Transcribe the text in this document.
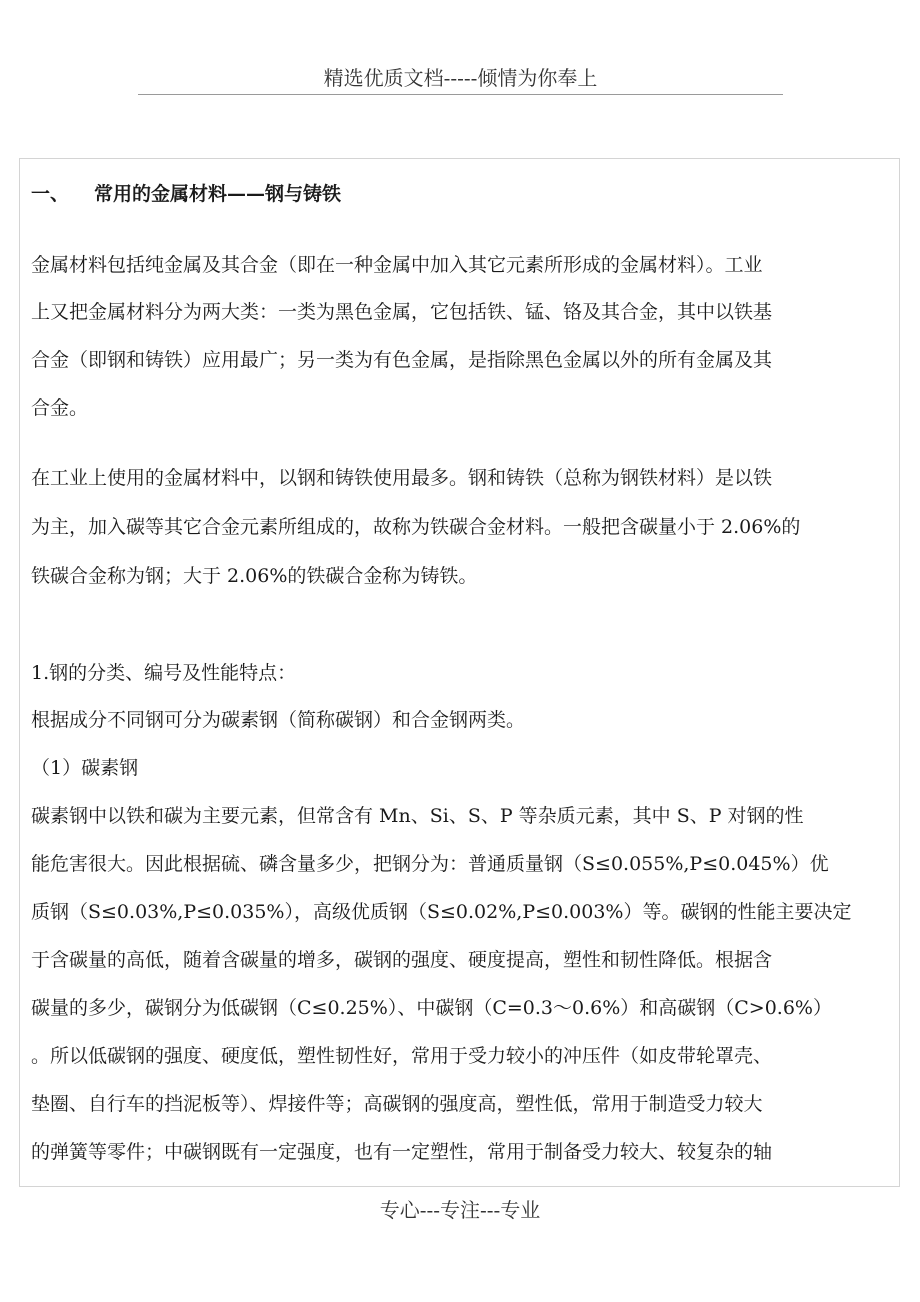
精选优质文档-----倾情为你奉上
一、 常用的金属材料——钢与铸铁
金属材料包括纯金属及其合金（即在一种金属中加入其它元素所形成的金属材料）。工业
上又把金属材料分为两大类：一类为黑色金属，它包括铁、锰、铬及其合金，其中以铁基
合金（即钢和铸铁）应用最广；另一类为有色金属，是指除黑色金属以外的所有金属及其
合金。
在工业上使用的金属材料中，以钢和铸铁使用最多。钢和铸铁（总称为钢铁材料）是以铁
为主，加入碳等其它合金元素所组成的，故称为铁碳合金材料。一般把含碳量小于 2.06%的
铁碳合金称为钢；大于 2.06%的铁碳合金称为铸铁。
1.钢的分类、编号及性能特点：
根据成分不同钢可分为碳素钢（简称碳钢）和合金钢两类。
（1）碳素钢
碳素钢中以铁和碳为主要元素，但常含有 Mn、Si、S、P 等杂质元素，其中 S、P 对钢的性
能危害很大。因此根据硫、磷含量多少，把钢分为：普通质量钢（S≤0.055%,P≤0.045%）优
质钢（S≤0.03%,P≤0.035%），高级优质钢（S≤0.02%,P≤0.003%）等。碳钢的性能主要决定
于含碳量的高低，随着含碳量的增多，碳钢的强度、硬度提高，塑性和韧性降低。根据含
碳量的多少，碳钢分为低碳钢（C≤0.25%）、中碳钢（C=0.3～0.6%）和高碳钢（C>0.6%）
。所以低碳钢的强度、硬度低，塑性韧性好，常用于受力较小的冲压件（如皮带轮罩壳、
垫圈、自行车的挡泥板等）、焊接件等；高碳钢的强度高，塑性低，常用于制造受力较大
的弹簧等零件；中碳钢既有一定强度，也有一定塑性，常用于制备受力较大、较复杂的轴
专心---专注---专业
